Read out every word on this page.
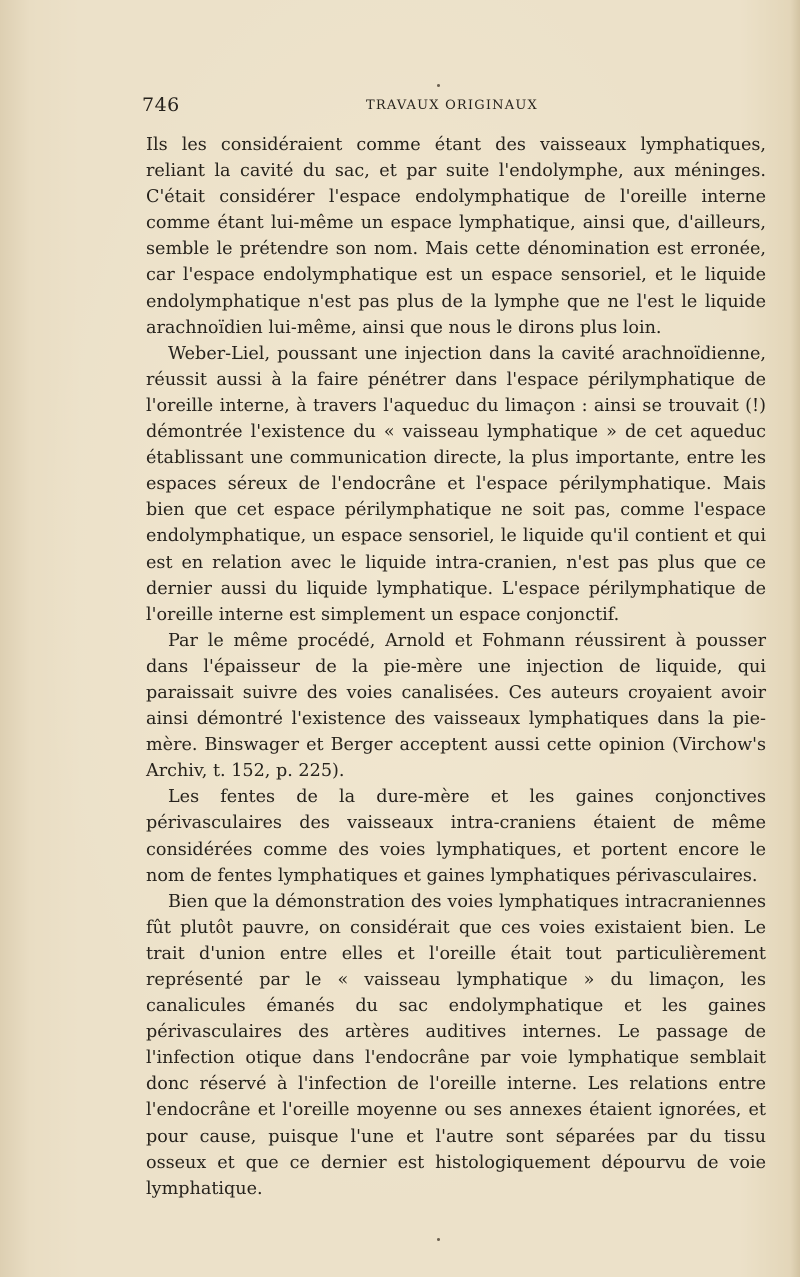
746	TRAVAUX ORIGINAUX

Ils les considéraient comme étant des vaisseaux lymphatiques, reliant la cavité du sac, et par suite l'endolymphe, aux méninges. C'était considérer l'espace endolymphatique de l'oreille interne comme étant lui-même un espace lymphatique, ainsi que, d'ailleurs, semble le prétendre son nom. Mais cette dénomination est erronée, car l'espace endolymphatique est un espace sensoriel, et le liquide endolymphatique n'est pas plus de la lymphe que ne l'est le liquide arachnoïdien lui-même, ainsi que nous le dirons plus loin.

Weber-Liel, poussant une injection dans la cavité arachnoïdienne, réussit aussi à la faire pénétrer dans l'espace périlymphatique de l'oreille interne, à travers l'aqueduc du limaçon : ainsi se trouvait (!) démontrée l'existence du « vaisseau lymphatique » de cet aqueduc établissant une communication directe, la plus importante, entre les espaces séreux de l'endocrâne et l'espace périlymphatique. Mais bien que cet espace périlymphatique ne soit pas, comme l'espace endolymphatique, un espace sensoriel, le liquide qu'il contient et qui est en relation avec le liquide intra-cranien, n'est pas plus que ce dernier aussi du liquide lymphatique. L'espace périlymphatique de l'oreille interne est simplement un espace conjonctif.

Par le même procédé, Arnold et Fohmann réussirent à pousser dans l'épaisseur de la pie-mère une injection de liquide, qui paraissait suivre des voies canalisées. Ces auteurs croyaient avoir ainsi démontré l'existence des vaisseaux lymphatiques dans la pie-mère. Binswager et Berger acceptent aussi cette opinion (Virchow's Archiv, t. 152, p. 225).

Les fentes de la dure-mère et les gaines conjonctives périvasculaires des vaisseaux intra-craniens étaient de même considérées comme des voies lymphatiques, et portent encore le nom de fentes lymphatiques et gaines lymphatiques périvasculaires.

Bien que la démonstration des voies lymphatiques intracraniennes fût plutôt pauvre, on considérait que ces voies existaient bien. Le trait d'union entre elles et l'oreille était tout particulièrement représenté par le « vaisseau lymphatique » du limaçon, les canalicules émanés du sac endolymphatique et les gaines périvasculaires des artères auditives internes. Le passage de l'infection otique dans l'endocrâne par voie lymphatique semblait donc réservé à l'infection de l'oreille interne. Les relations entre l'endocrâne et l'oreille moyenne ou ses annexes étaient ignorées, et pour cause, puisque l'une et l'autre sont séparées par du tissu osseux et que ce dernier est histologiquement dépourvu de voie lymphatique.
